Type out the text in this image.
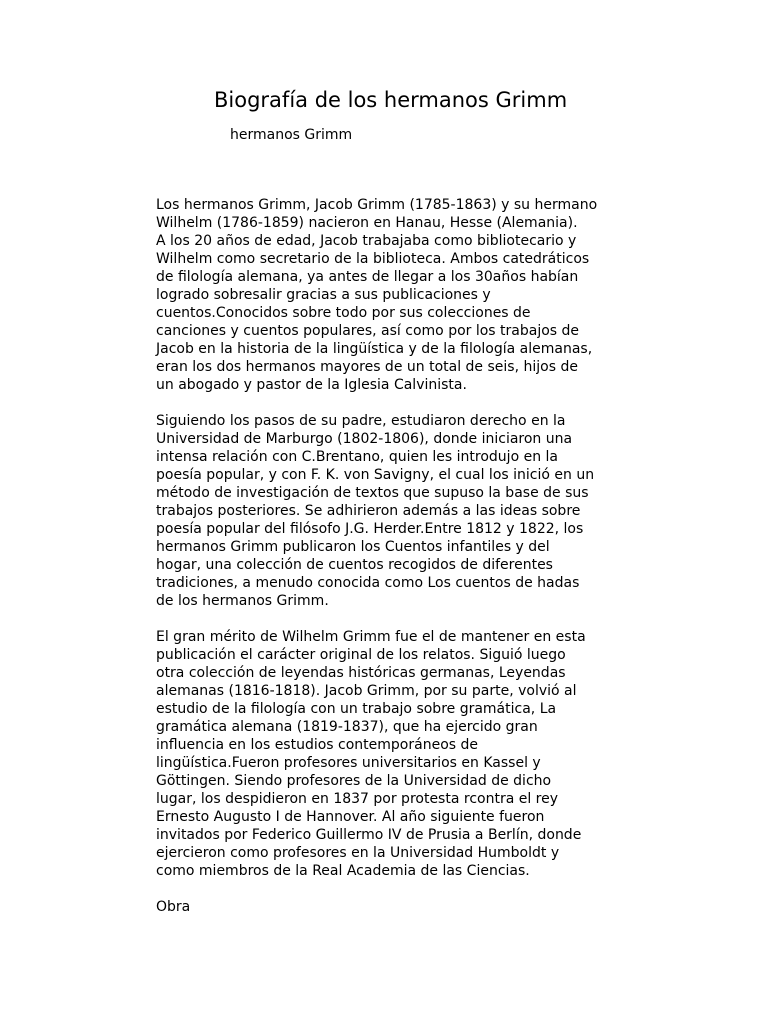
Biografía de los hermanos Grimm
hermanos Grimm

Los hermanos Grimm, Jacob Grimm (1785-1863) y su hermano
Wilhelm (1786-1859) nacieron en Hanau, Hesse (Alemania).
A los 20 años de edad, Jacob trabajaba como bibliotecario y
Wilhelm como secretario de la biblioteca. Ambos catedráticos
de filología alemana, ya antes de llegar a los 30años habían
logrado sobresalir gracias a sus publicaciones y
cuentos.Conocidos sobre todo por sus colecciones de
canciones y cuentos populares, así como por los trabajos de
Jacob en la historia de la lingüística y de la filología alemanas,
eran los dos hermanos mayores de un total de seis, hijos de
un abogado y pastor de la Iglesia Calvinista.

Siguiendo los pasos de su padre, estudiaron derecho en la
Universidad de Marburgo (1802-1806), donde iniciaron una
intensa relación con C.Brentano, quien les introdujo en la
poesía popular, y con F. K. von Savigny, el cual los inició en un
método de investigación de textos que supuso la base de sus
trabajos posteriores. Se adhirieron además a las ideas sobre
poesía popular del filósofo J.G. Herder.Entre 1812 y 1822, los
hermanos Grimm publicaron los Cuentos infantiles y del
hogar, una colección de cuentos recogidos de diferentes
tradiciones, a menudo conocida como Los cuentos de hadas
de los hermanos Grimm.

El gran mérito de Wilhelm Grimm fue el de mantener en esta
publicación el carácter original de los relatos. Siguió luego
otra colección de leyendas históricas germanas, Leyendas
alemanas (1816-1818). Jacob Grimm, por su parte, volvió al
estudio de la filología con un trabajo sobre gramática, La
gramática alemana (1819-1837), que ha ejercido gran
influencia en los estudios contemporáneos de
lingüística.Fueron profesores universitarios en Kassel y
Göttingen. Siendo profesores de la Universidad de dicho
lugar, los despidieron en 1837 por protesta rcontra el rey
Ernesto Augusto I de Hannover. Al año siguiente fueron
invitados por Federico Guillermo IV de Prusia a Berlín, donde
ejercieron como profesores en la Universidad Humboldt y
como miembros de la Real Academia de las Ciencias.

Obra
